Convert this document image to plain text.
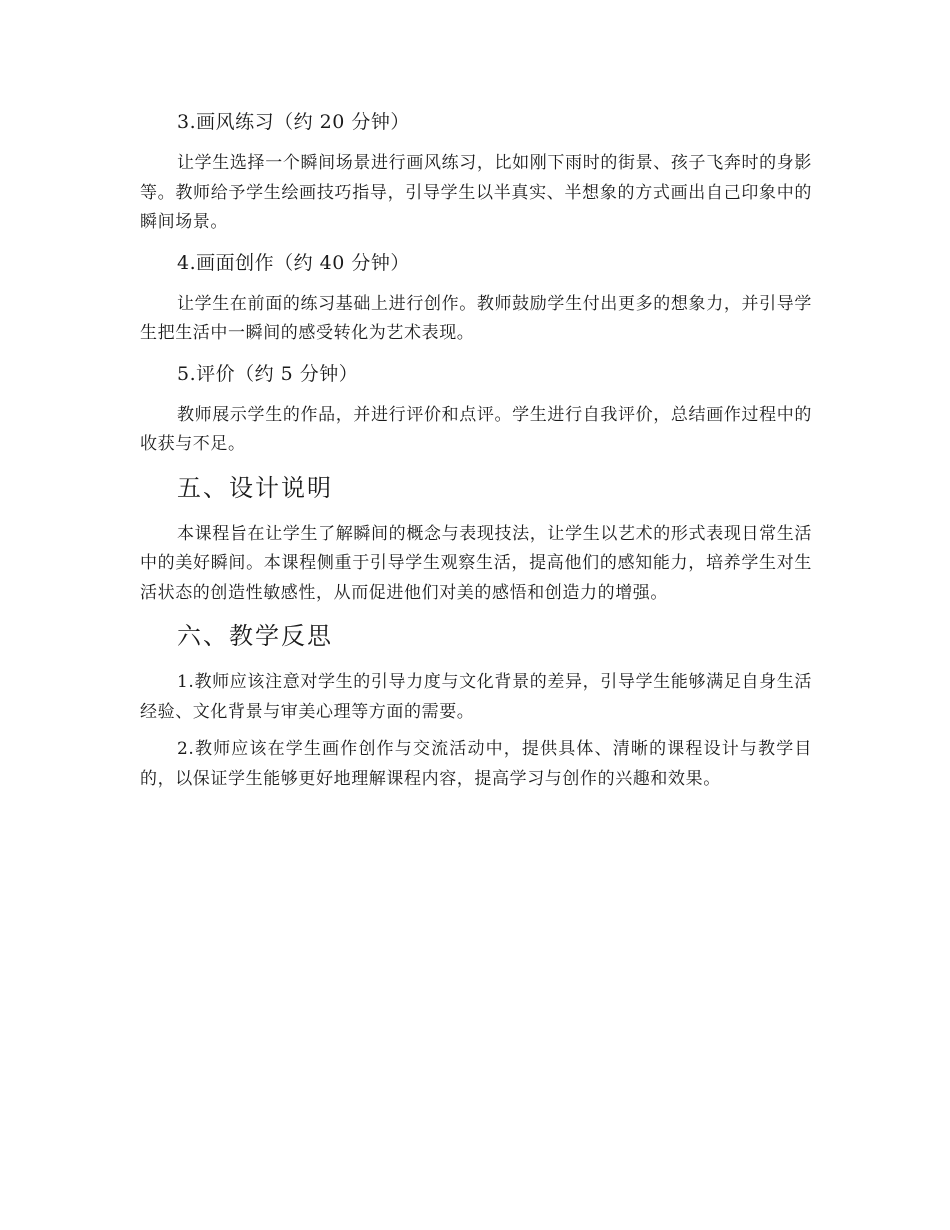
3.画风练习（约 20 分钟）

让学生选择一个瞬间场景进行画风练习，比如刚下雨时的街景、孩子飞奔时的身影等。教师给予学生绘画技巧指导，引导学生以半真实、半想象的方式画出自己印象中的瞬间场景。

4.画面创作（约 40 分钟）

让学生在前面的练习基础上进行创作。教师鼓励学生付出更多的想象力，并引导学生把生活中一瞬间的感受转化为艺术表现。

5.评价（约 5 分钟）

教师展示学生的作品，并进行评价和点评。学生进行自我评价，总结画作过程中的收获与不足。

五、设计说明

本课程旨在让学生了解瞬间的概念与表现技法，让学生以艺术的形式表现日常生活中的美好瞬间。本课程侧重于引导学生观察生活，提高他们的感知能力，培养学生对生活状态的创造性敏感性，从而促进他们对美的感悟和创造力的增强。

六、教学反思

1.教师应该注意对学生的引导力度与文化背景的差异，引导学生能够满足自身生活经验、文化背景与审美心理等方面的需要。

2.教师应该在学生画作创作与交流活动中，提供具体、清晰的课程设计与教学目的，以保证学生能够更好地理解课程内容，提高学习与创作的兴趣和效果。
